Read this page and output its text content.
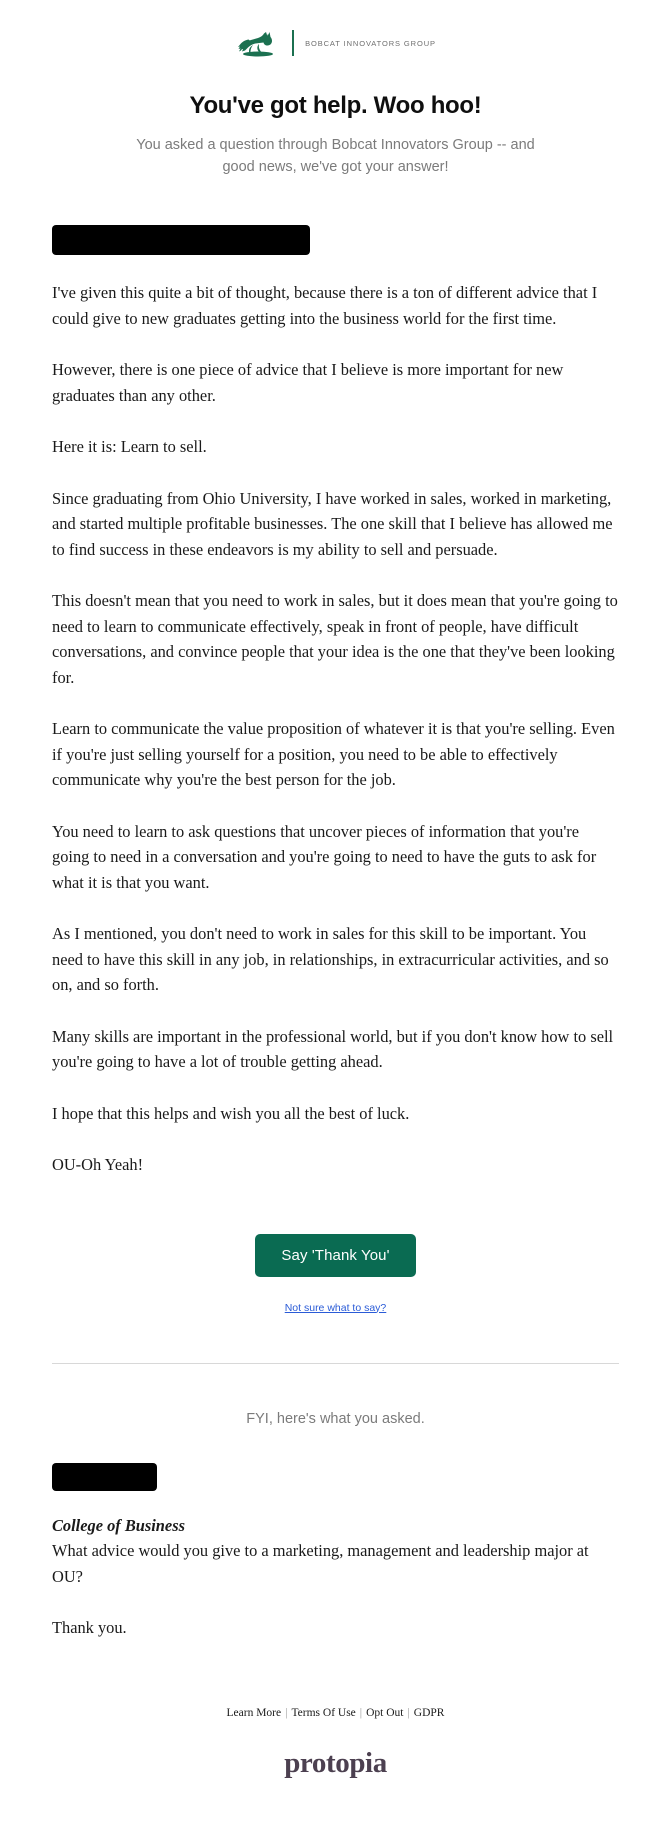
BOBCAT INNOVATORS GROUP
You've got help. Woo hoo!

You asked a question through Bobcat Innovators Group -- and good news, we've got your answer!

I've given this quite a bit of thought, because there is a ton of different advice that I could give to new graduates getting into the business world for the first time.

However, there is one piece of advice that I believe is more important for new graduates than any other.

Here it is: Learn to sell.

Since graduating from Ohio University, I have worked in sales, worked in marketing, and started multiple profitable businesses. The one skill that I believe has allowed me to find success in these endeavors is my ability to sell and persuade.

This doesn't mean that you need to work in sales, but it does mean that you're going to need to learn to communicate effectively, speak in front of people, have difficult conversations, and convince people that your idea is the one that they've been looking for.

Learn to communicate the value proposition of whatever it is that you're selling. Even if you're just selling yourself for a position, you need to be able to effectively communicate why you're the best person for the job.

You need to learn to ask questions that uncover pieces of information that you're going to need in a conversation and you're going to need to have the guts to ask for what it is that you want.

As I mentioned, you don't need to work in sales for this skill to be important. You need to have this skill in any job, in relationships, in extracurricular activities, and so on, and so forth.

Many skills are important in the professional world, but if you don't know how to sell you're going to have a lot of trouble getting ahead.

I hope that this helps and wish you all the best of luck.

OU-Oh Yeah!

Say 'Thank You'
Not sure what to say?
FYI, here's what you asked.

College of Business

What advice would you give to a marketing, management and leadership major at OU?

Thank you.

Learn More | Terms Of Use | Opt Out | GDPR
protopia
